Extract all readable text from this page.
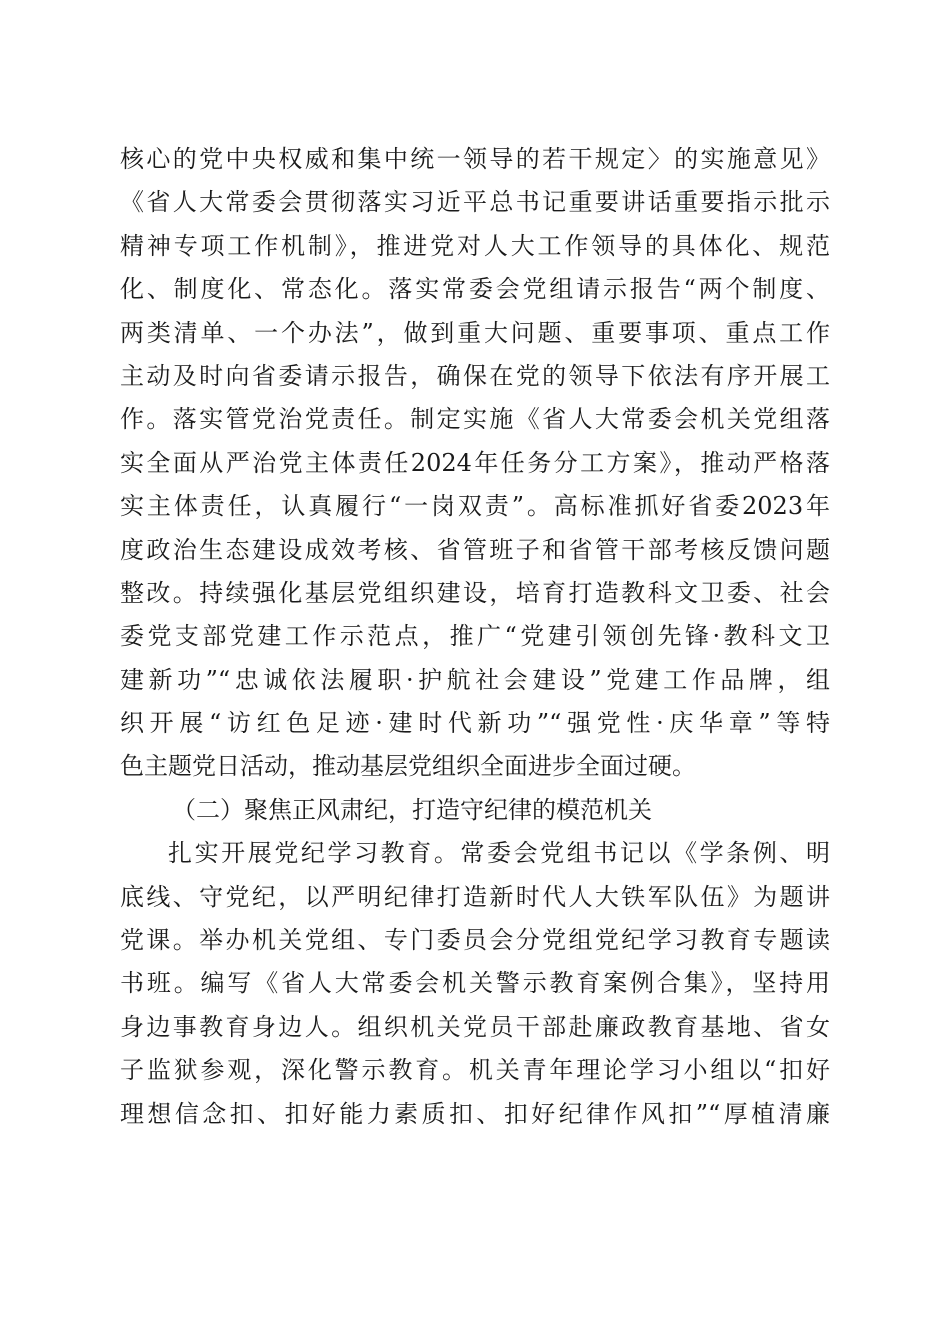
核心的党中央权威和集中统一领导的若干规定〉的实施意见》
《省人大常委会贯彻落实习近平总书记重要讲话重要指示批示
精神专项工作机制》，推进党对人大工作领导的具体化、规范
化、制度化、常态化。落实常委会党组请示报告“两个制度、
两类清单、一个办法”，做到重大问题、重要事项、重点工作
主动及时向省委请示报告，确保在党的领导下依法有序开展工
作。落实管党治党责任。制定实施《省人大常委会机关党组落
实全面从严治党主体责任2024年任务分工方案》，推动严格落
实主体责任，认真履行“一岗双责”。高标准抓好省委2023年
度政治生态建设成效考核、省管班子和省管干部考核反馈问题
整改。持续强化基层党组织建设，培育打造教科文卫委、社会
委党支部党建工作示范点，推广“党建引领创先锋·教科文卫
建新功”“忠诚依法履职·护航社会建设”党建工作品牌，组
织开展“访红色足迹·建时代新功”“强党性·庆华章”等特
色主题党日活动，推动基层党组织全面进步全面过硬。
（二）聚焦正风肃纪，打造守纪律的模范机关
扎实开展党纪学习教育。常委会党组书记以《学条例、明
底线、守党纪，以严明纪律打造新时代人大铁军队伍》为题讲
党课。举办机关党组、专门委员会分党组党纪学习教育专题读
书班。编写《省人大常委会机关警示教育案例合集》，坚持用
身边事教育身边人。组织机关党员干部赴廉政教育基地、省女
子监狱参观，深化警示教育。机关青年理论学习小组以“扣好
理想信念扣、扣好能力素质扣、扣好纪律作风扣”“厚植清廉
